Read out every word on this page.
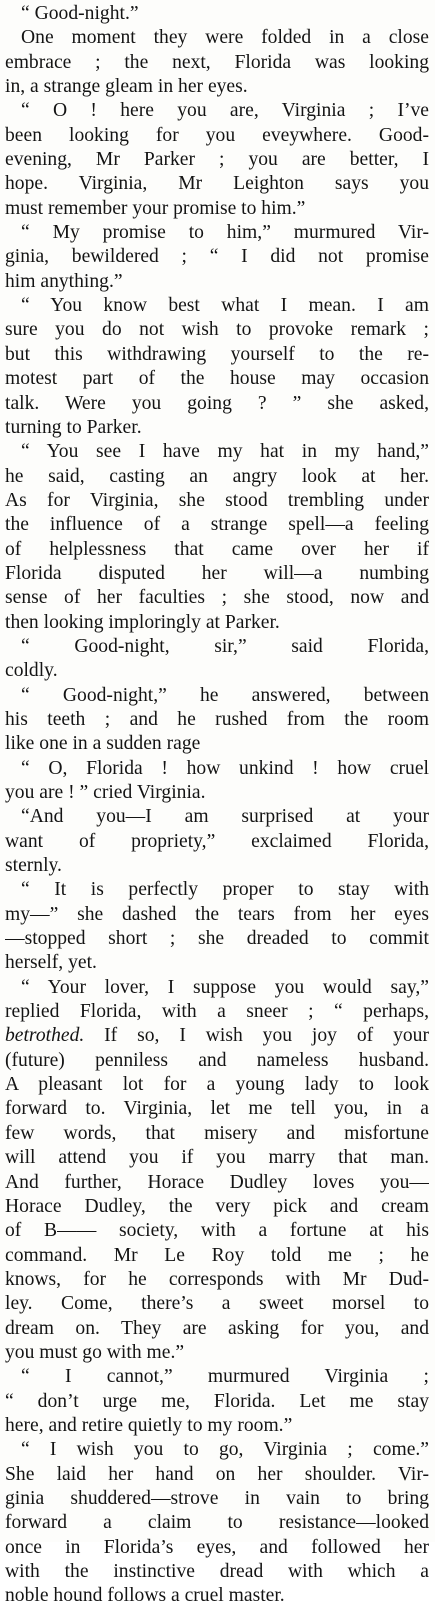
“ Good-night.”

One moment they were folded in a close
embrace ; the next, Florida was looking
in, a strange gleam in her eyes.

“ O ! here you are, Virginia ; I’ve
been looking for you eveywhere. Good-
evening, Mr Parker ; you are better, I
hope. Virginia, Mr Leighton says you
must remember your promise to him.”

“ My promise to him,” murmured Vir-
ginia, bewildered ; “ I did not promise
him anything.”

“ You know best what I mean. I am
sure you do not wish to provoke remark ;
but this withdrawing yourself to the re-
motest part of the house may occasion
talk. Were you going ? ” she asked,
turning to Parker.

“ You see I have my hat in my hand,”
he said, casting an angry look at her.
As for Virginia, she stood trembling under
the influence of a strange spell—a feeling
of helplessness that came over her if
Florida disputed her will—a numbing
sense of her faculties ; she stood, now and
then looking imploringly at Parker.

“ Good-night, sir,” said Florida,
coldly.

“ Good-night,” he answered, between
his teeth ; and he rushed from the room
like one in a sudden rage

“ O, Florida ! how unkind ! how cruel
you are ! ” cried Virginia.

“And you—I am surprised at your
want of propriety,” exclaimed Florida,
sternly.

“ It is perfectly proper to stay with
my—” she dashed the tears from her eyes
—stopped short ; she dreaded to commit
herself, yet.

“ Your lover, I suppose you would say,”
replied Florida, with a sneer ; “ perhaps,
betrothed. If so, I wish you joy of your
(future) penniless and nameless husband.
A pleasant lot for a young lady to look
forward to. Virginia, let me tell you, in a
few words, that misery and misfortune
will attend you if you marry that man.
And further, Horace Dudley loves you—
Horace Dudley, the very pick and cream
of B—— society, with a fortune at his
command. Mr Le Roy told me ; he
knows, for he corresponds with Mr Dud-
ley. Come, there’s a sweet morsel to
dream on. They are asking for you, and
you must go with me.”

“ I cannot,” murmured Virginia ;
“ don’t urge me, Florida. Let me stay
here, and retire quietly to my room.”

“ I wish you to go, Virginia ; come.”
She laid her hand on her shoulder. Vir-
ginia shuddered—strove in vain to bring
forward a claim to resistance—looked
once in Florida’s eyes, and followed her
with the instinctive dread with which a
noble hound follows a cruel master.
